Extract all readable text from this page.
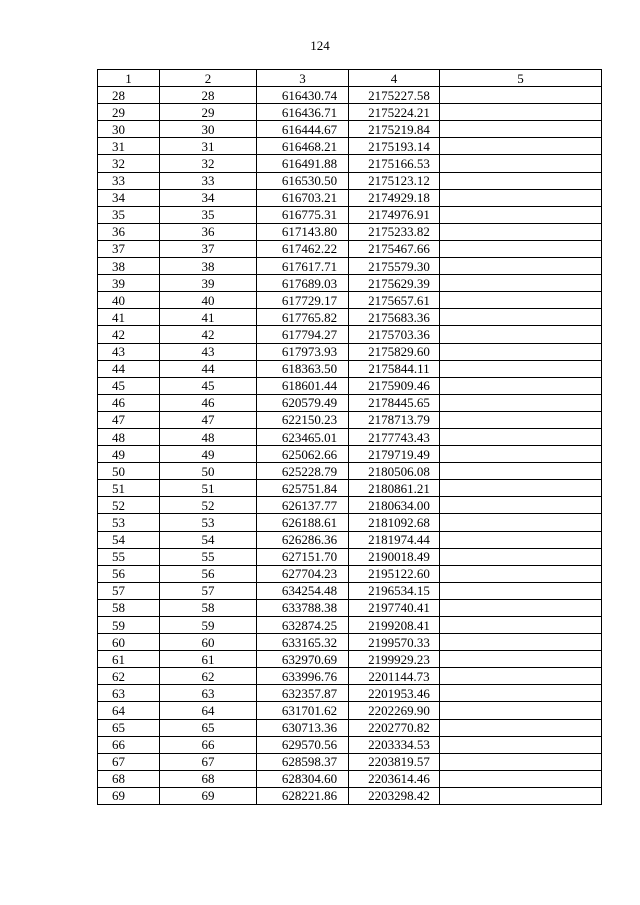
124
1	2	3	4	5
28	28	616430.74	2175227.58	
29	29	616436.71	2175224.21	
30	30	616444.67	2175219.84	
31	31	616468.21	2175193.14	
32	32	616491.88	2175166.53	
33	33	616530.50	2175123.12	
34	34	616703.21	2174929.18	
35	35	616775.31	2174976.91	
36	36	617143.80	2175233.82	
37	37	617462.22	2175467.66	
38	38	617617.71	2175579.30	
39	39	617689.03	2175629.39	
40	40	617729.17	2175657.61	
41	41	617765.82	2175683.36	
42	42	617794.27	2175703.36	
43	43	617973.93	2175829.60	
44	44	618363.50	2175844.11	
45	45	618601.44	2175909.46	
46	46	620579.49	2178445.65	
47	47	622150.23	2178713.79	
48	48	623465.01	2177743.43	
49	49	625062.66	2179719.49	
50	50	625228.79	2180506.08	
51	51	625751.84	2180861.21	
52	52	626137.77	2180634.00	
53	53	626188.61	2181092.68	
54	54	626286.36	2181974.44	
55	55	627151.70	2190018.49	
56	56	627704.23	2195122.60	
57	57	634254.48	2196534.15	
58	58	633788.38	2197740.41	
59	59	632874.25	2199208.41	
60	60	633165.32	2199570.33	
61	61	632970.69	2199929.23	
62	62	633996.76	2201144.73	
63	63	632357.87	2201953.46	
64	64	631701.62	2202269.90	
65	65	630713.36	2202770.82	
66	66	629570.56	2203334.53	
67	67	628598.37	2203819.57	
68	68	628304.60	2203614.46	
69	69	628221.86	2203298.42	
